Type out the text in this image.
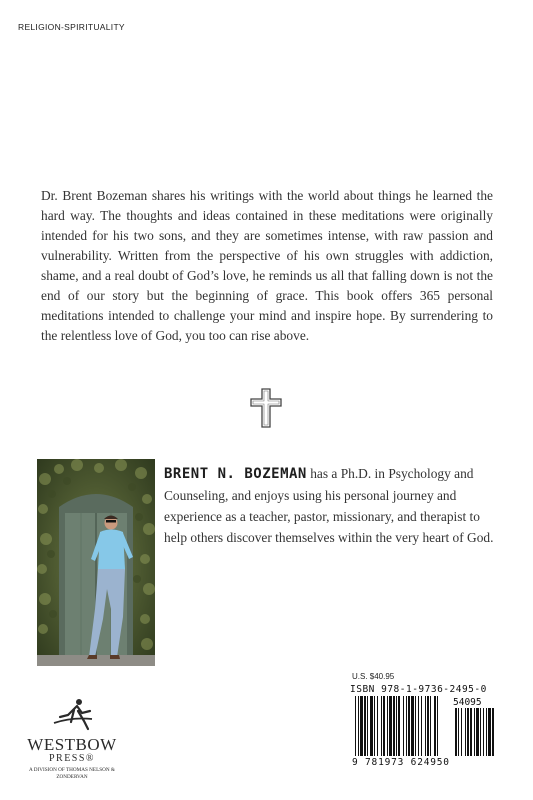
RELIGION-SPIRITUALITY

Dr. Brent Bozeman shares his writings with the world about things he learned the hard way. The thoughts and ideas contained in these meditations were originally intended for his two sons, and they are sometimes intense, with raw passion and vulnerability. Written from the perspective of his own struggles with addiction, shame, and a real doubt of God’s love, he reminds us all that falling down is not the end of our story but the beginning of grace. This book offers 365 personal meditations intended to challenge your mind and inspire hope. By surrendering to the relentless love of God, you too can rise above.

BRENT N. BOZEMAN has a Ph.D. in Psychology and Counseling, and enjoys using his personal journey and experience as a teacher, pastor, missionary, and therapist to help others discover themselves within the very heart of God.

WESTBOW
PRESS®
A DIVISION OF THOMAS NELSON & ZONDERVAN
U.S. $40.95
ISBN 978-1-9736-2495-0
54095
9 781973 624950
